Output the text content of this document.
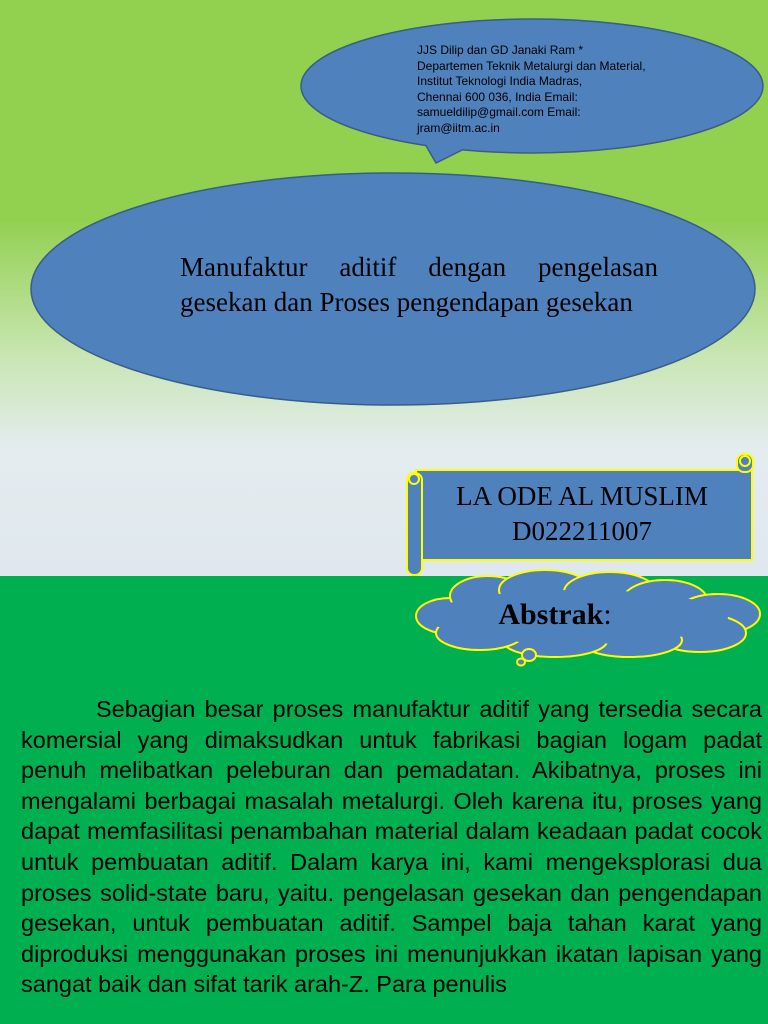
JJS Dilip dan GD Janaki Ram *
Departemen Teknik Metalurgi dan Material,
Institut Teknologi India Madras,
Chennai 600 036, India Email:
samueldilip@gmail.com Email:
jram@iitm.ac.in
Manufaktur aditif dengan pengelasan gesekan dan Proses pengendapan gesekan
LA ODE AL MUSLIM
D022211007
Abstrak:

Sebagian besar proses manufaktur aditif yang tersedia secara komersial yang dimaksudkan untuk fabrikasi bagian logam padat penuh melibatkan peleburan dan pemadatan. Akibatnya, proses ini mengalami berbagai masalah metalurgi. Oleh karena itu, proses yang dapat memfasilitasi penambahan material dalam keadaan padat cocok untuk pembuatan aditif. Dalam karya ini, kami mengeksplorasi dua proses solid-state baru, yaitu. pengelasan gesekan dan pengendapan gesekan, untuk pembuatan aditif. Sampel baja tahan karat yang diproduksi menggunakan proses ini menunjukkan ikatan lapisan yang sangat baik dan sifat tarik arah-Z. Para penulis
